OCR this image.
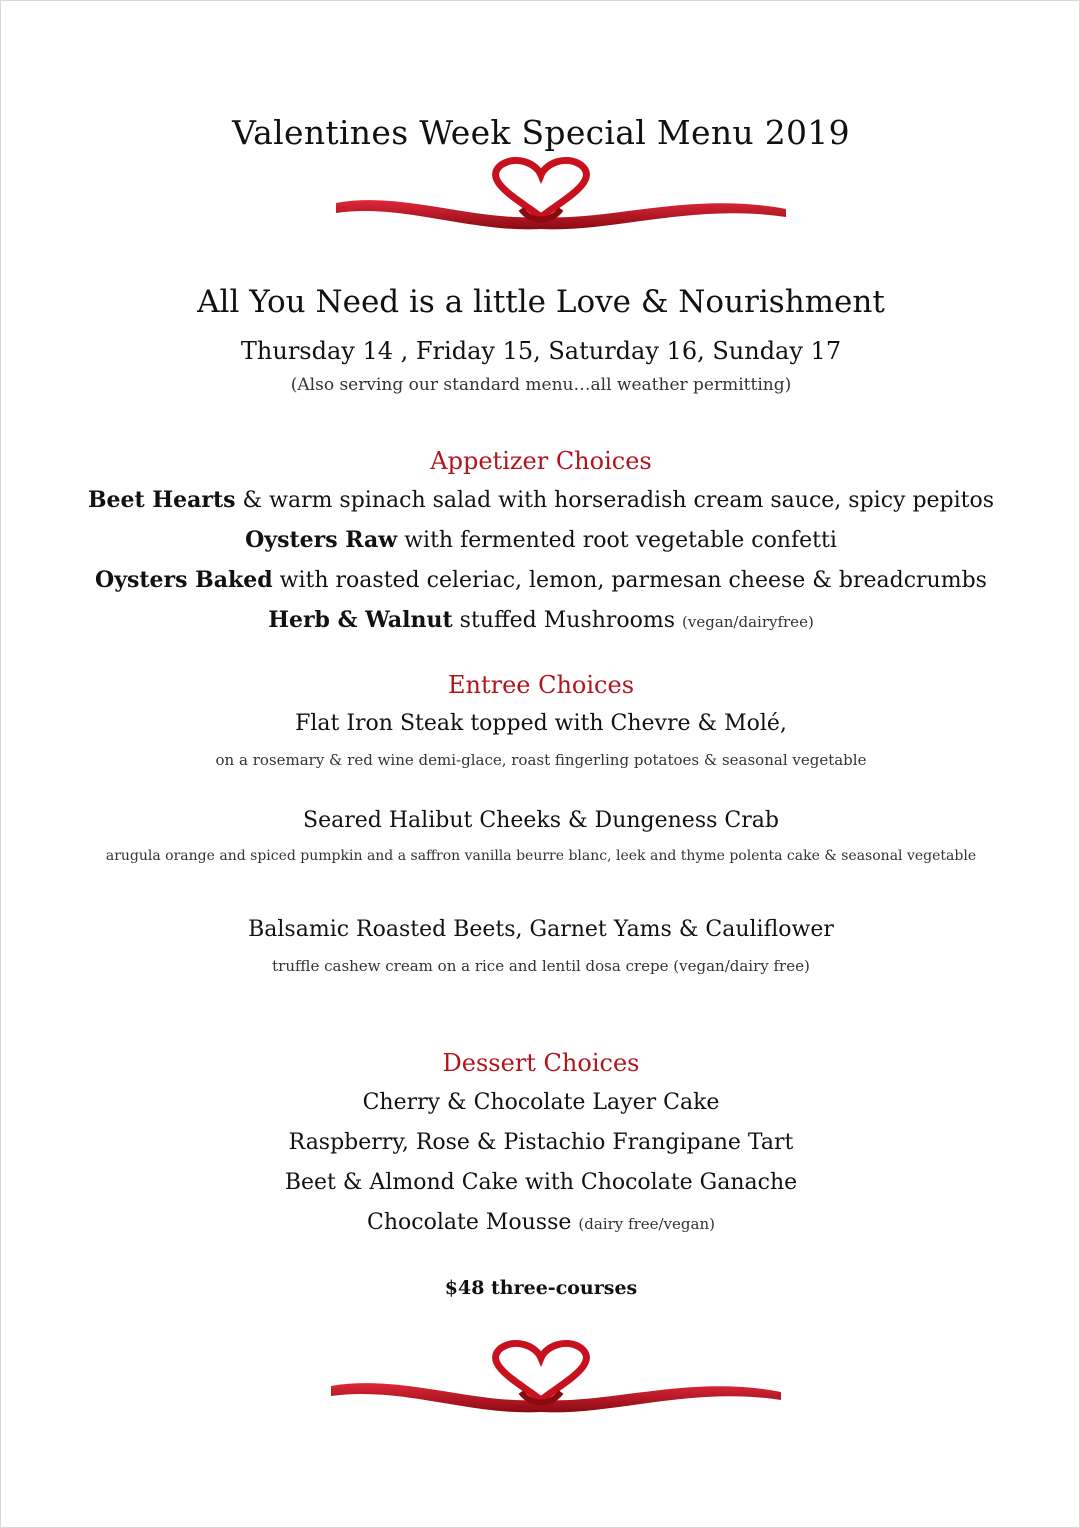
Valentines Week Special Menu 2019
All You Need is a little Love & Nourishment
Thursday 14 , Friday 15, Saturday 16, Sunday 17
(Also serving our standard menu…all weather permitting)
Appetizer Choices
Beet Hearts & warm spinach salad with horseradish cream sauce, spicy pepitos
Oysters Raw with fermented root vegetable confetti
Oysters Baked with roasted celeriac, lemon, parmesan cheese & breadcrumbs
Herb & Walnut stuffed Mushrooms (vegan/dairyfree)
Entree Choices
Flat Iron Steak topped with Chevre & Molé,
on a rosemary & red wine demi-glace, roast fingerling potatoes & seasonal vegetable
Seared Halibut Cheeks & Dungeness Crab
arugula orange and spiced pumpkin and a saffron vanilla beurre blanc, leek and thyme polenta cake & seasonal vegetable
Balsamic Roasted Beets, Garnet Yams & Cauliflower
truffle cashew cream on a rice and lentil dosa crepe (vegan/dairy free)
Dessert Choices
Cherry & Chocolate Layer Cake
Raspberry, Rose & Pistachio Frangipane Tart
Beet & Almond Cake with Chocolate Ganache
Chocolate Mousse (dairy free/vegan)
$48 three-courses
